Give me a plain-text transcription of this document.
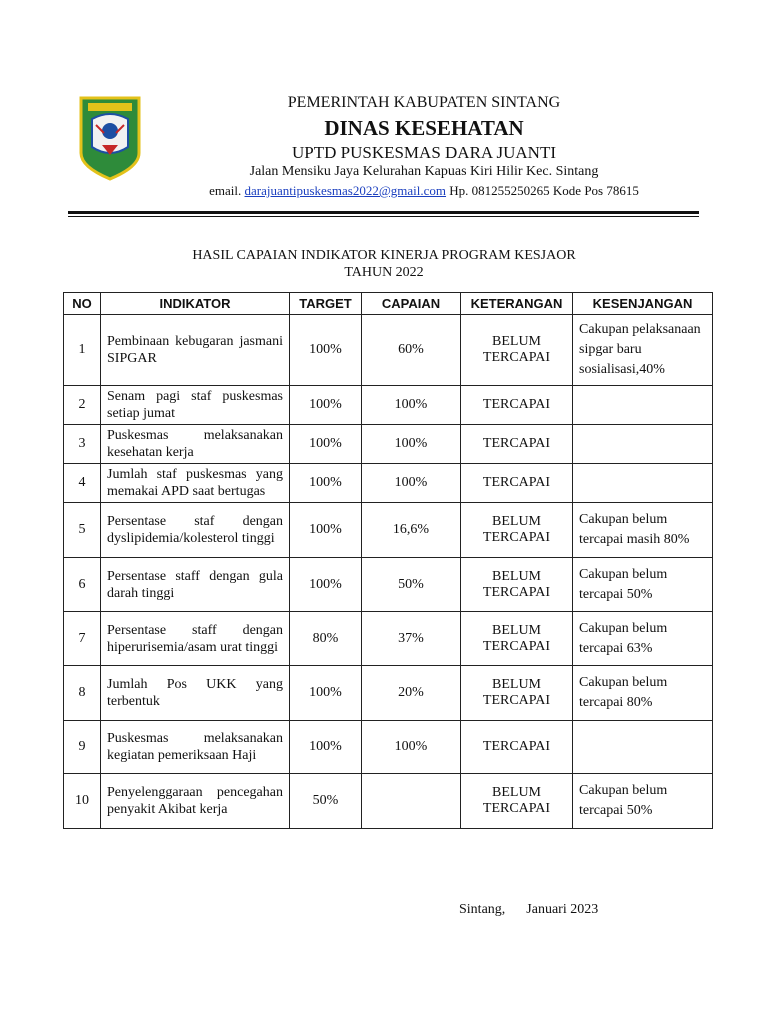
PEMERINTAH KABUPATEN SINTANG
DINAS KESEHATAN
UPTD PUSKESMAS DARA JUANTI
Jalan Mensiku Jaya Kelurahan Kapuas Kiri Hilir Kec. Sintang
email. darajuantipuskesmas2022@gmail.com Hp. 081255250265 Kode Pos 78615
HASIL CAPAIAN INDIKATOR KINERJA PROGRAM KESJAOR
TAHUN 2022
NO	INDIKATOR	TARGET	CAPAIAN	KETERANGAN	KESENJANGAN
1	Pembinaan kebugaran jasmani SIPGAR	100%	60%	BELUM TERCAPAI	Cakupan pelaksanaan sipgar baru sosialisasi,40%
2	Senam pagi staf puskesmas setiap jumat	100%	100%	TERCAPAI	
3	Puskesmas melaksanakan kesehatan kerja	100%	100%	TERCAPAI	
4	Jumlah staf puskesmas yang memakai APD saat bertugas	100%	100%	TERCAPAI	
5	Persentase staf dengan dyslipidemia/kolesterol tinggi	100%	16,6%	BELUM TERCAPAI	Cakupan belum tercapai masih 80%
6	Persentase staff dengan gula darah tinggi	100%	50%	BELUM TERCAPAI	Cakupan belum tercapai 50%
7	Persentase staff dengan hiperurisemia/asam urat tinggi	80%	37%	BELUM TERCAPAI	Cakupan belum tercapai 63%
8	Jumlah Pos UKK yang terbentuk	100%	20%	BELUM TERCAPAI	Cakupan belum tercapai 80%
9	Puskesmas melaksanakan kegiatan pemeriksaan Haji	100%	100%	TERCAPAI	
10	Penyelenggaraan pencegahan penyakit Akibat kerja	50%		BELUM TERCAPAI	Cakupan belum tercapai 50%
Sintang, Januari 2023
